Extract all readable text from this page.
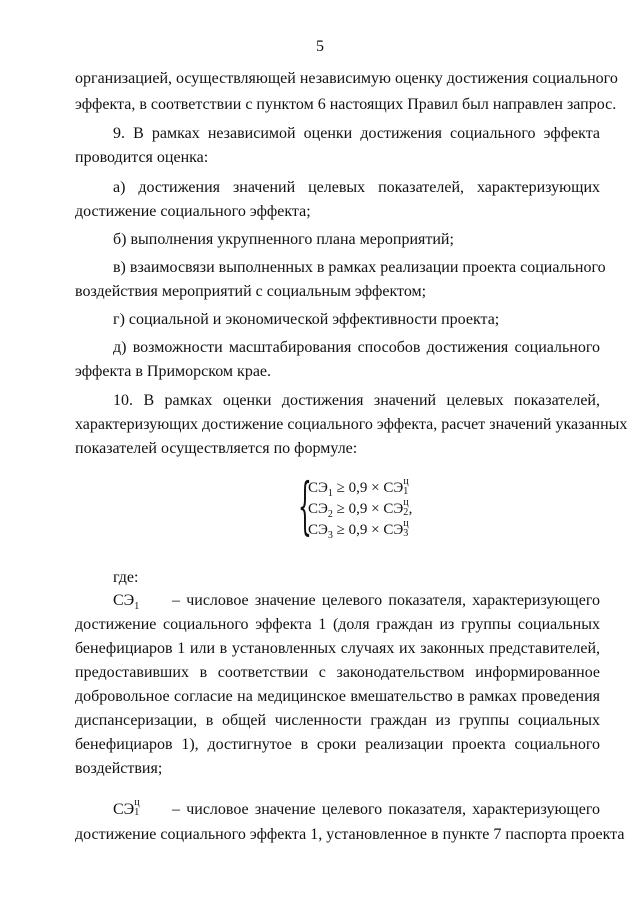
5
организацией, осуществляющей независимую оценку достижения социального
эффекта, в соответствии с пунктом 6 настоящих Правил был направлен запрос.
9. В рамках независимой оценки достижения социального эффекта
проводится оценка:
а) достижения значений целевых показателей, характеризующих
достижение социального эффекта;
б) выполнения укрупненного плана мероприятий;
в) взаимосвязи выполненных в рамках реализации проекта социального
воздействия мероприятий с социальным эффектом;
г) социальной и экономической эффективности проекта;
д) возможности масштабирования способов достижения социального
эффекта в Приморском крае.
10. В рамках оценки достижения значений целевых показателей,
характеризующих достижение социального эффекта, расчет значений указанных
показателей осуществляется по формуле:
{
$СЭ_1 \ge 0,9$ × СЭ ц
1
$СЭ_2 \ge 0,9$ × СЭ ц
2 ,
$СЭ_3 \ge 0,9$ × СЭ ц
3
где:
$СЭ_1$	– числовое значение целевого показателя, характеризующего
достижение социального эффекта 1 (доля граждан из группы социальных
бенефициаров 1 или в установленных случаях их законных представителей,
предоставивших в соответствии с законодательством информированное
добровольное согласие на медицинское вмешательство в рамках проведения
диспансеризации, в общей численности граждан из группы социальных
бенефициаров 1), достигнутое в сроки реализации проекта социального
воздействия;
СЭ ц
1 – числовое значение целевого показателя, характеризующего
достижение социального эффекта 1, установленное в пункте 7 паспорта проекта
